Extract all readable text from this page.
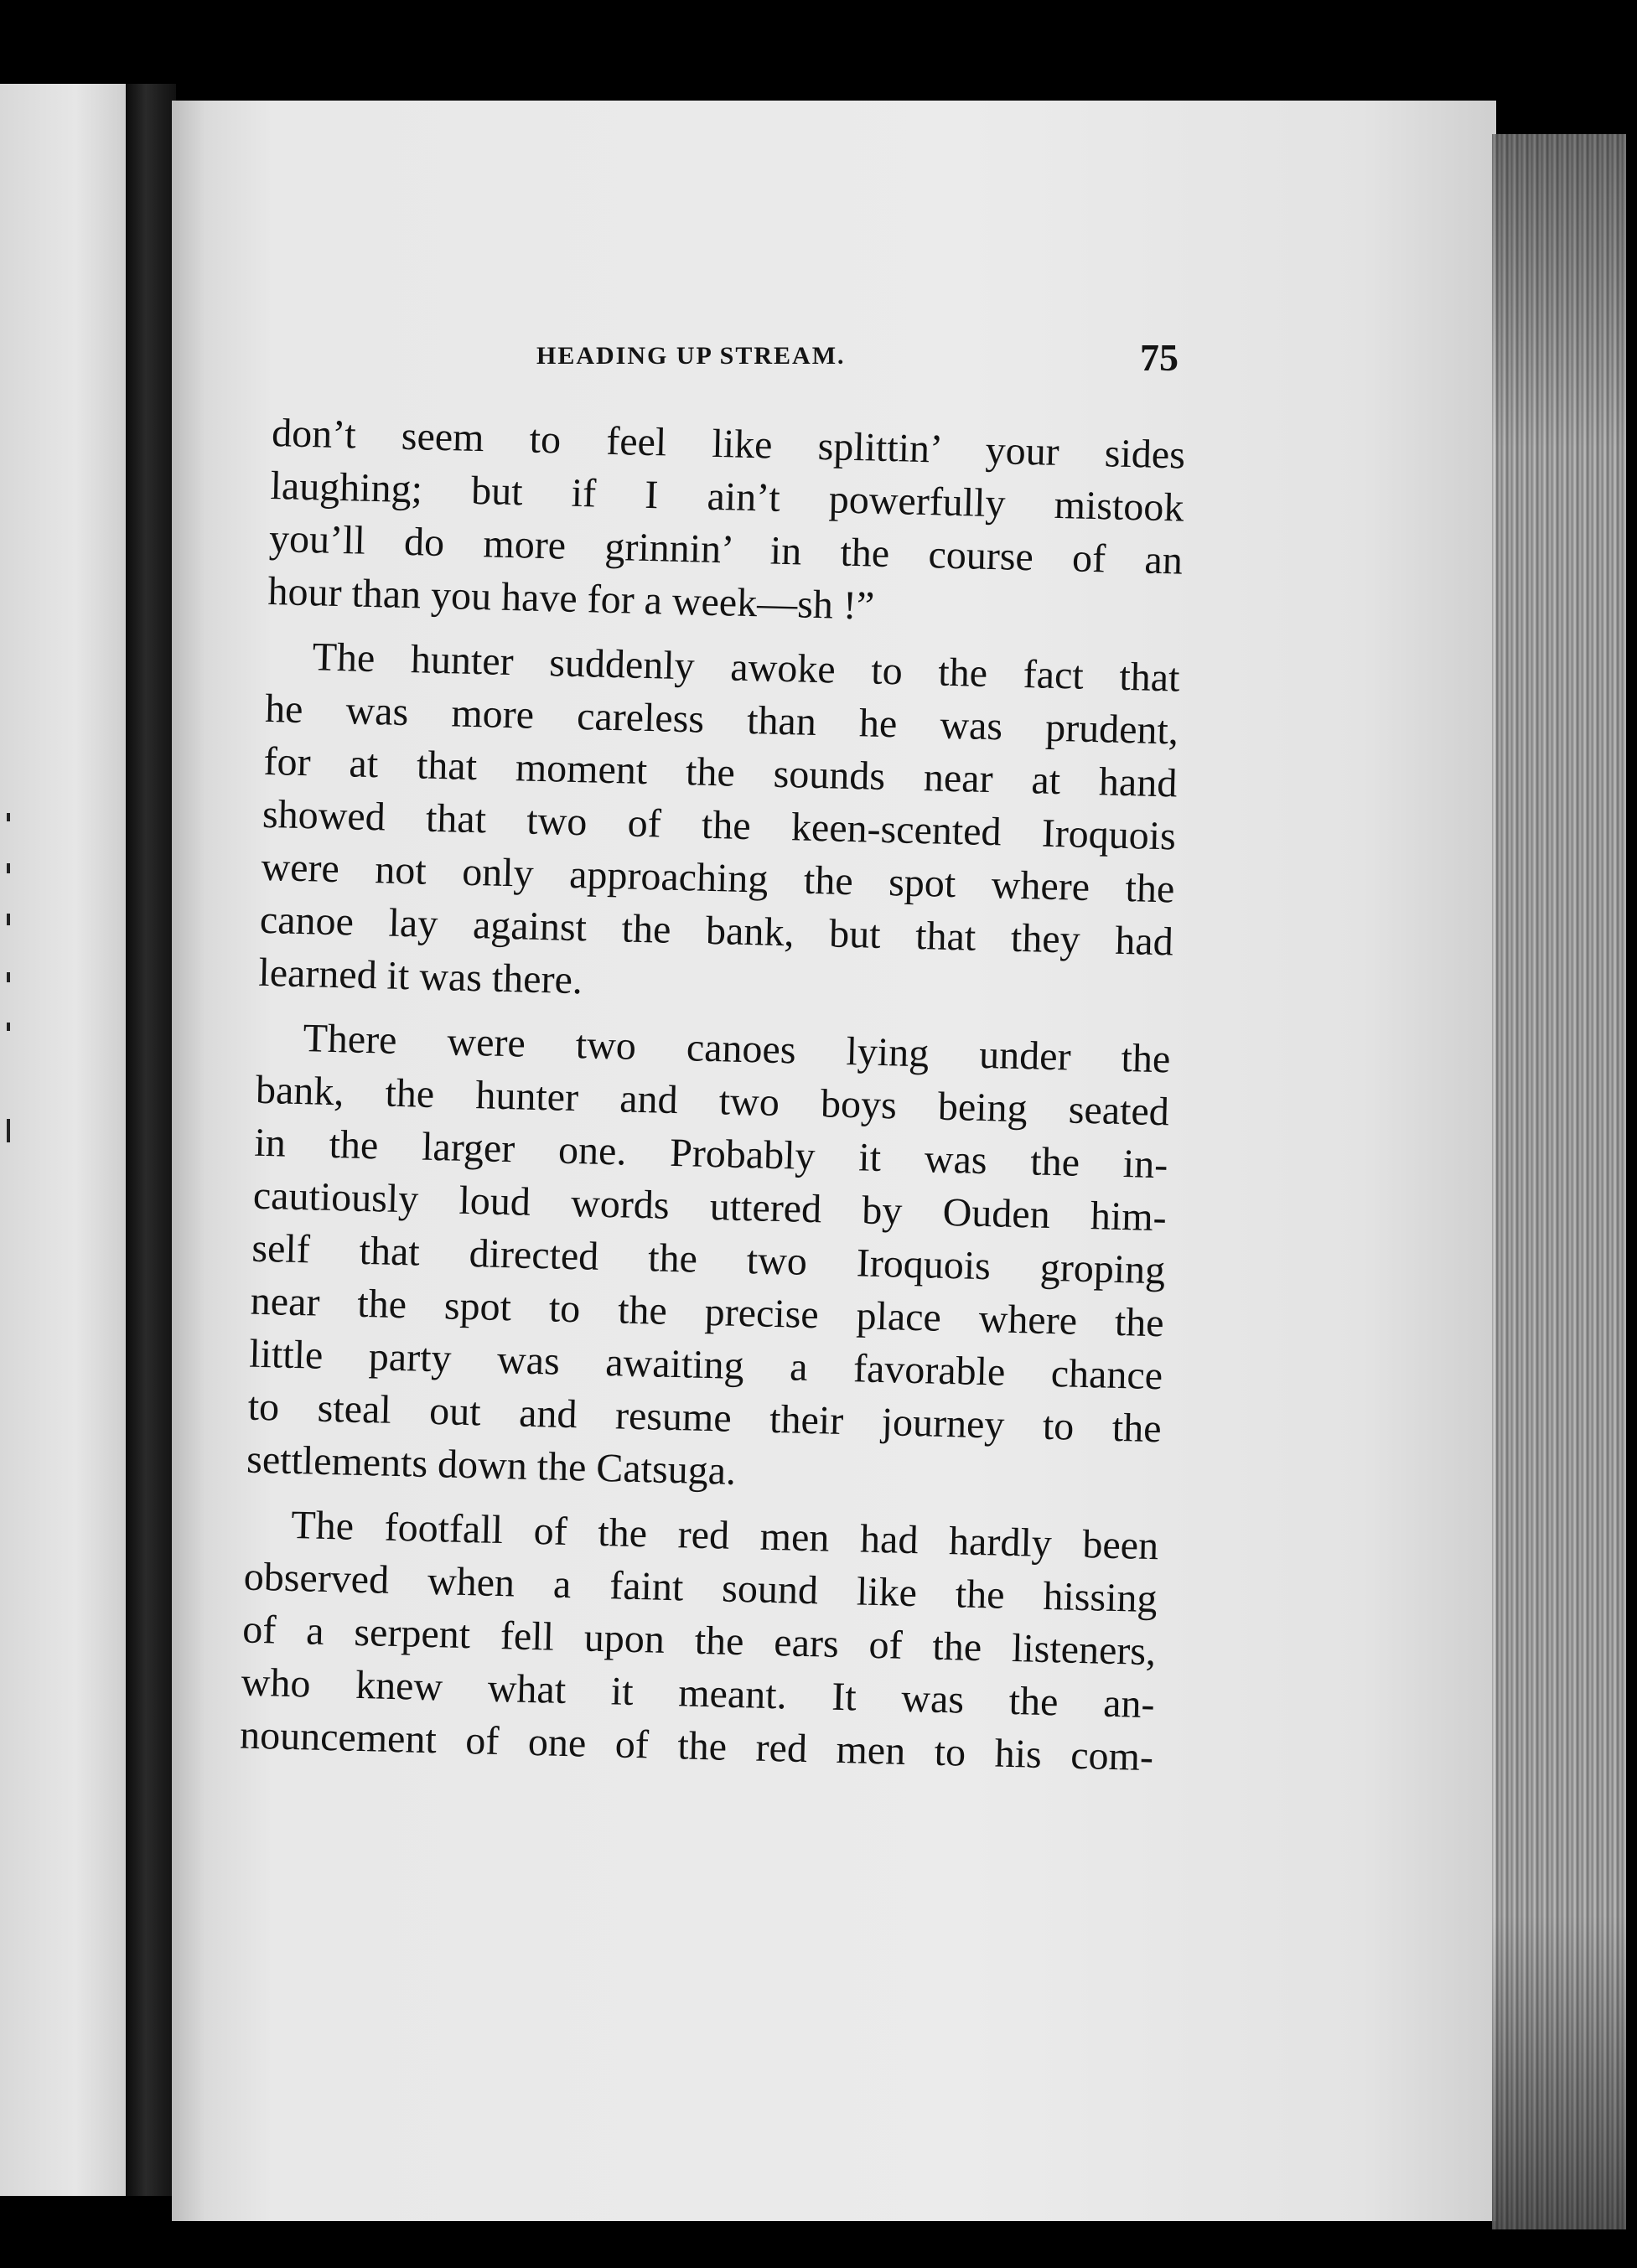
HEADING UP STREAM.	75
don’t seem to feel like splittin’ your sides
laughing; but if I ain’t powerfully mistook
you’ll do more grinnin’ in the course of an
hour than you have for a week—sh !”
The hunter suddenly awoke to the fact that
he was more careless than he was prudent,
for at that moment the sounds near at hand
showed that two of the keen-scented Iroquois
were not only approaching the spot where the
canoe lay against the bank, but that they had
learned it was there.
There were two canoes lying under the
bank, the hunter and two boys being seated
in the larger one. Probably it was the in-
cautiously loud words uttered by Ouden him-
self that directed the two Iroquois groping
near the spot to the precise place where the
little party was awaiting a favorable chance
to steal out and resume their journey to the
settlements down the Catsuga.
The footfall of the red men had hardly been
observed when a faint sound like the hissing
of a serpent fell upon the ears of the listeners,
who knew what it meant. It was the an-
nouncement of one of the red men to his com-
